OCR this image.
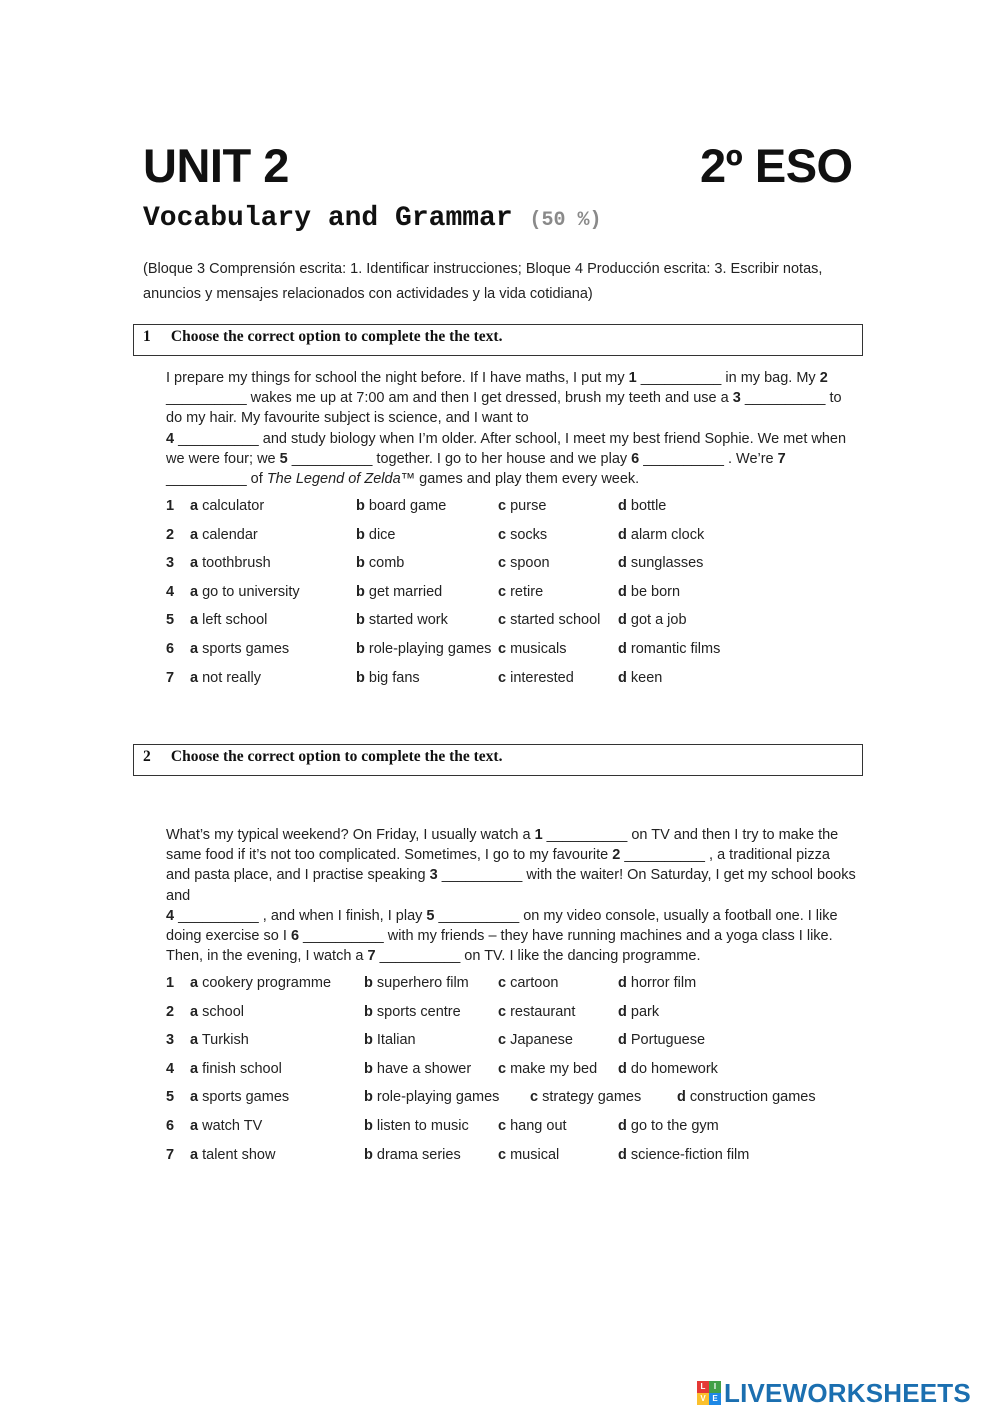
UNIT 2	2º ESO
Vocabulary and Grammar (50 %)
(Bloque 3 Comprensión escrita: 1. Identificar instrucciones; Bloque 4 Producción escrita: 3. Escribir notas, anuncios y mensajes relacionados con actividades y la vida cotidiana)
1 Choose the correct option to complete the the text.
I prepare my things for school the night before. If I have maths, I put my 1 __________ in my bag. My 2 __________ wakes me up at 7:00 am and then I get dressed, brush my teeth and use a 3 __________ to do my hair. My favourite subject is science, and I want to
4 __________ and study biology when I’m older. After school, I meet my best friend Sophie. We met when we were four; we 5 __________ together. I go to her house and we play 6 __________ . We’re 7 __________ of The Legend of Zelda™ games and play them every week.
1 a calculator	b board game	c purse	d bottle
2 a calendar	b dice	c socks	d alarm clock
3 a toothbrush	b comb	c spoon	d sunglasses
4 a go to university	b get married	c retire	d be born
5 a left school	b started work	c started school d got a job
6 a sports games	b role-playing games c musicals	d romantic films
7 a not really	b big fans	c interested	d keen
2 Choose the correct option to complete the the text.
What’s my typical weekend? On Friday, I usually watch a 1 __________ on TV and then I try to make the same food if it’s not too complicated. Sometimes, I go to my favourite 2 __________ , a traditional pizza and pasta place, and I practise speaking 3 __________ with the waiter! On Saturday, I get my school books and
4 __________ , and when I finish, I play 5 __________ on my video console, usually a football one. I like doing exercise so I 6 __________ with my friends – they have running machines and a yoga class I like. Then, in the evening, I watch a 7 __________ on TV. I like the dancing programme.
1 a cookery programme b superhero film c cartoon	d horror film
2 a school	b sports centre	c restaurant	d park
3 a Turkish	b Italian	c Japanese	d Portuguese
4 a finish school	b have a shower c make my bed d do homework
5 a sports games	b role-playing games c strategy games d construction games
6 a watch TV	b listen to music c hang out	d go to the gym
7 a talent show	b drama series	c musical	d science-fiction film
L	I
V E LIVEWORKSHEETS
